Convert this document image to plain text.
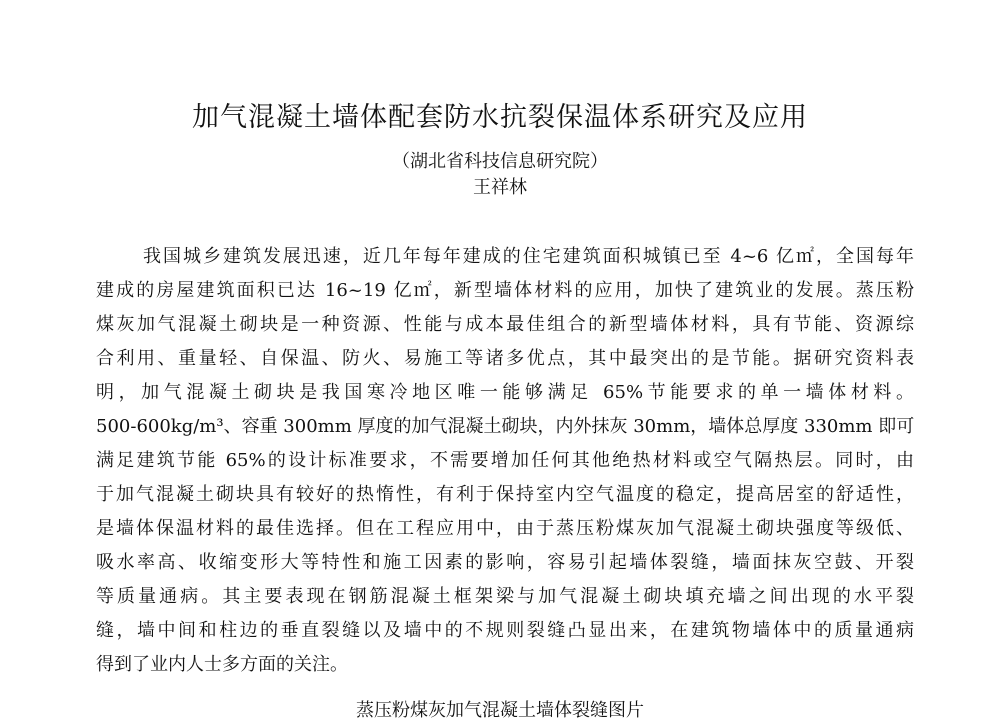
加气混凝土墙体配套防水抗裂保温体系研究及应用
（湖北省科技信息研究院）
王祥林
我国城乡建筑发展迅速，近几年每年建成的住宅建筑面积城镇已至 4~6 亿㎡，全国每年
建成的房屋建筑面积已达 16~19 亿㎡，新型墙体材料的应用，加快了建筑业的发展。蒸压粉
煤灰加气混凝土砌块是一种资源、性能与成本最佳组合的新型墙体材料，具有节能、资源综
合利用、重量轻、自保温、防火、易施工等诸多优点，其中最突出的是节能。据研究资料表
明，加气混凝土砌块是我国寒冷地区唯一能够满足 65%节能要求的单一墙体材料。
500-600kg/m³、容重 300mm 厚度的加气混凝土砌块，内外抹灰 30mm，墙体总厚度 330mm 即可
满足建筑节能 65%的设计标准要求，不需要增加任何其他绝热材料或空气隔热层。同时，由
于加气混凝土砌块具有较好的热惰性，有利于保持室内空气温度的稳定，提高居室的舒适性，
是墙体保温材料的最佳选择。但在工程应用中，由于蒸压粉煤灰加气混凝土砌块强度等级低、
吸水率高、收缩变形大等特性和施工因素的影响，容易引起墙体裂缝，墙面抹灰空鼓、开裂
等质量通病。其主要表现在钢筋混凝土框架梁与加气混凝土砌块填充墙之间出现的水平裂
缝，墙中间和柱边的垂直裂缝以及墙中的不规则裂缝凸显出来，在建筑物墙体中的质量通病
得到了业内人士多方面的关注。
蒸压粉煤灰加气混凝土墙体裂缝图片
